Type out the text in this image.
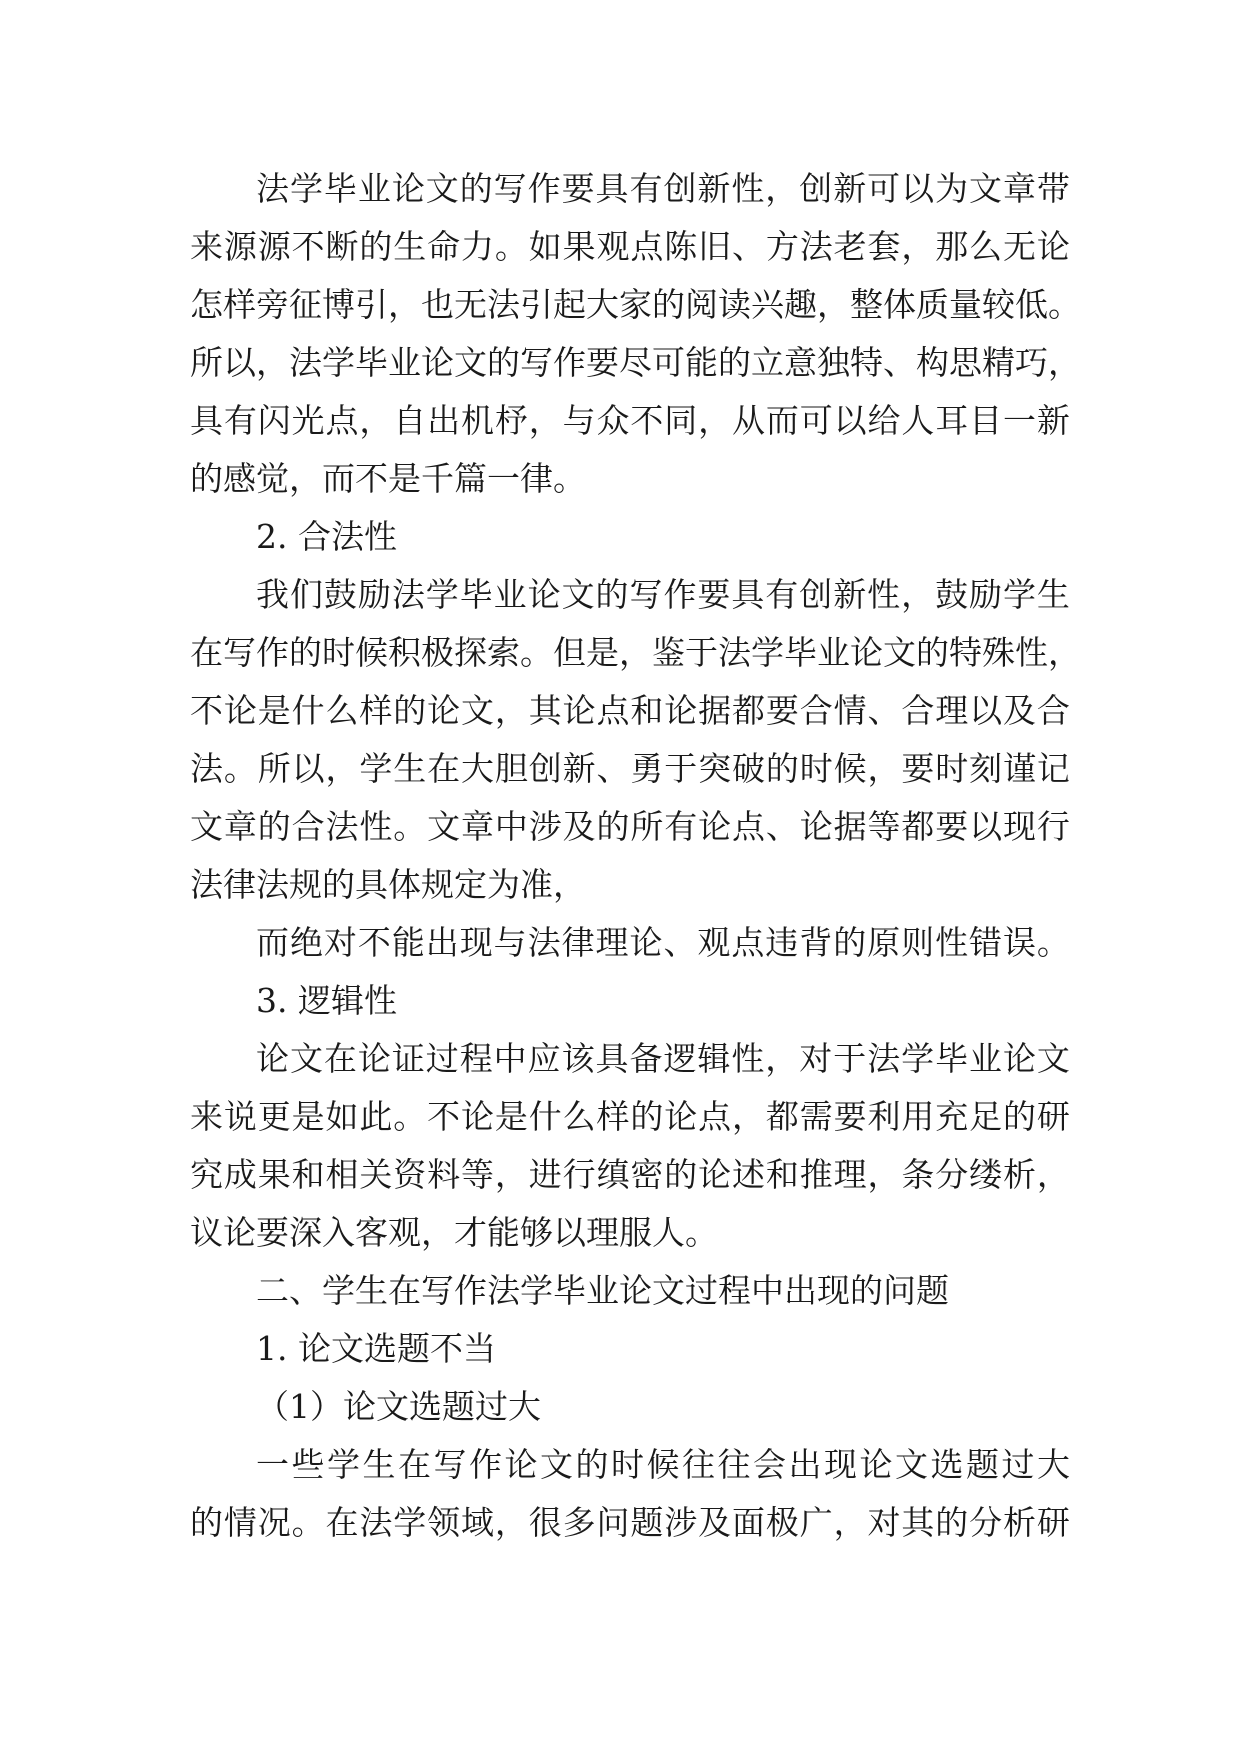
法 学 毕 业 论 文 的 写 作 要 具 有 创 新 性 ， 创 新 可 以 为 文 章 带
来 源 源 不 断 的 生 命 力 。 如 果 观 点 陈 旧 、 方 法 老 套 ， 那 么 无 论
怎 样 旁 征 博 引 ， 也 无 法 引 起 大 家 的 阅 读 兴 趣 ， 整 体 质 量 较 低 。
所 以 ， 法 学 毕 业 论 文 的 写 作 要 尽 可 能 的 立 意 独 特 、 构 思 精 巧 ，
具 有 闪 光 点 ， 自 出 机 杼 ， 与 众 不 同 ， 从 而 可 以 给 人 耳 目 一 新
的感觉，而不是千篇一律。
2. 合法性
我 们 鼓 励 法 学 毕 业 论 文 的 写 作 要 具 有 创 新 性 ， 鼓 励 学 生
在 写 作 的 时 候 积 极 探 索 。 但 是 ， 鉴 于 法 学 毕 业 论 文 的 特 殊 性 ，
不 论 是 什 么 样 的 论 文 ， 其 论 点 和 论 据 都 要 合 情 、 合 理 以 及 合
法 。 所 以 ， 学 生 在 大 胆 创 新 、 勇 于 突 破 的 时 候 ， 要 时 刻 谨 记
文 章 的 合 法 性 。 文 章 中 涉 及 的 所 有 论 点 、 论 据 等 都 要 以 现 行
法律法规的具体规定为准，
而 绝 对 不 能 出 现 与 法 律 理 论 、 观 点 违 背 的 原 则 性 错 误 。
3. 逻辑性
论 文 在 论 证 过 程 中 应 该 具 备 逻 辑 性 ， 对 于 法 学 毕 业 论 文
来 说 更 是 如 此 。 不 论 是 什 么 样 的 论 点 ， 都 需 要 利 用 充 足 的 研
究 成 果 和 相 关 资 料 等 ， 进 行 缜 密 的 论 述 和 推 理 ， 条 分 缕 析 ，
议论要深入客观，才能够以理服人。
二、学生在写作法学毕业论文过程中出现的问题
1. 论文选题不当
（1）论文选题过大
一 些 学 生 在 写 作 论 文 的 时 候 往 往 会 出 现 论 文 选 题 过 大
的 情 况 。 在 法 学 领 域 ， 很 多 问 题 涉 及 面 极 广 ， 对 其 的 分 析 研
